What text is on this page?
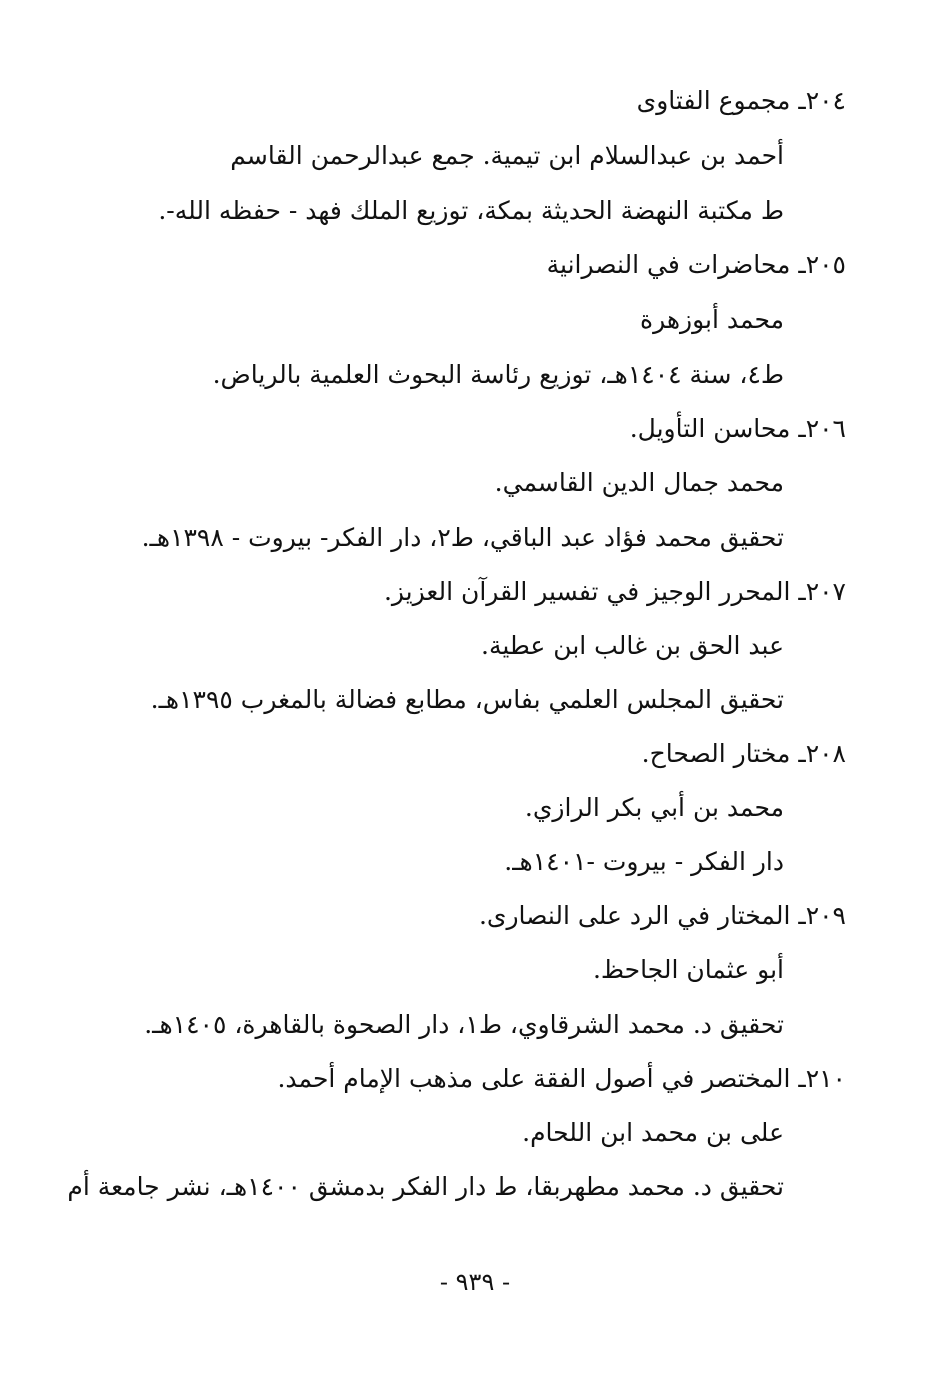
٢٠٤ـ مجموع الفتاوى
أحمد بن عبدالسلام ابن تيمية. جمع عبدالرحمن القاسم
ط مكتبة النهضة الحديثة بمكة، توزيع الملك فهد - حفظه الله-.
٢٠٥ـ محاضرات في النصرانية
محمد أبوزهرة
ط٤، سنة ١٤٠٤هـ، توزيع رئاسة البحوث العلمية بالرياض.
٢٠٦ـ محاسن التأويل.
محمد جمال الدين القاسمي.
تحقيق محمد فؤاد عبد الباقي، ط٢، دار الفكر- بيروت - ١٣٩٨هـ.
٢٠٧ـ المحرر الوجيز في تفسير القرآن العزيز.
عبد الحق بن غالب ابن عطية.
تحقيق المجلس العلمي بفاس، مطابع فضالة بالمغرب ١٣٩٥هـ.
٢٠٨ـ مختار الصحاح.
محمد بن أبي بكر الرازي.
دار الفكر - بيروت -١٤٠١هـ.
٢٠٩ـ المختار في الرد على النصارى.
أبو عثمان الجاحظ.
تحقيق د. محمد الشرقاوي، ط١، دار الصحوة بالقاهرة، ١٤٠٥هـ.
٢١٠ـ المختصر في أصول الفقة على مذهب الإمام أحمد.
على بن محمد ابن اللحام.
تحقيق د. محمد مطهربقا، ط دار الفكر بدمشق ١٤٠٠هـ، نشر جامعة أم
- ٩٣٩ -
